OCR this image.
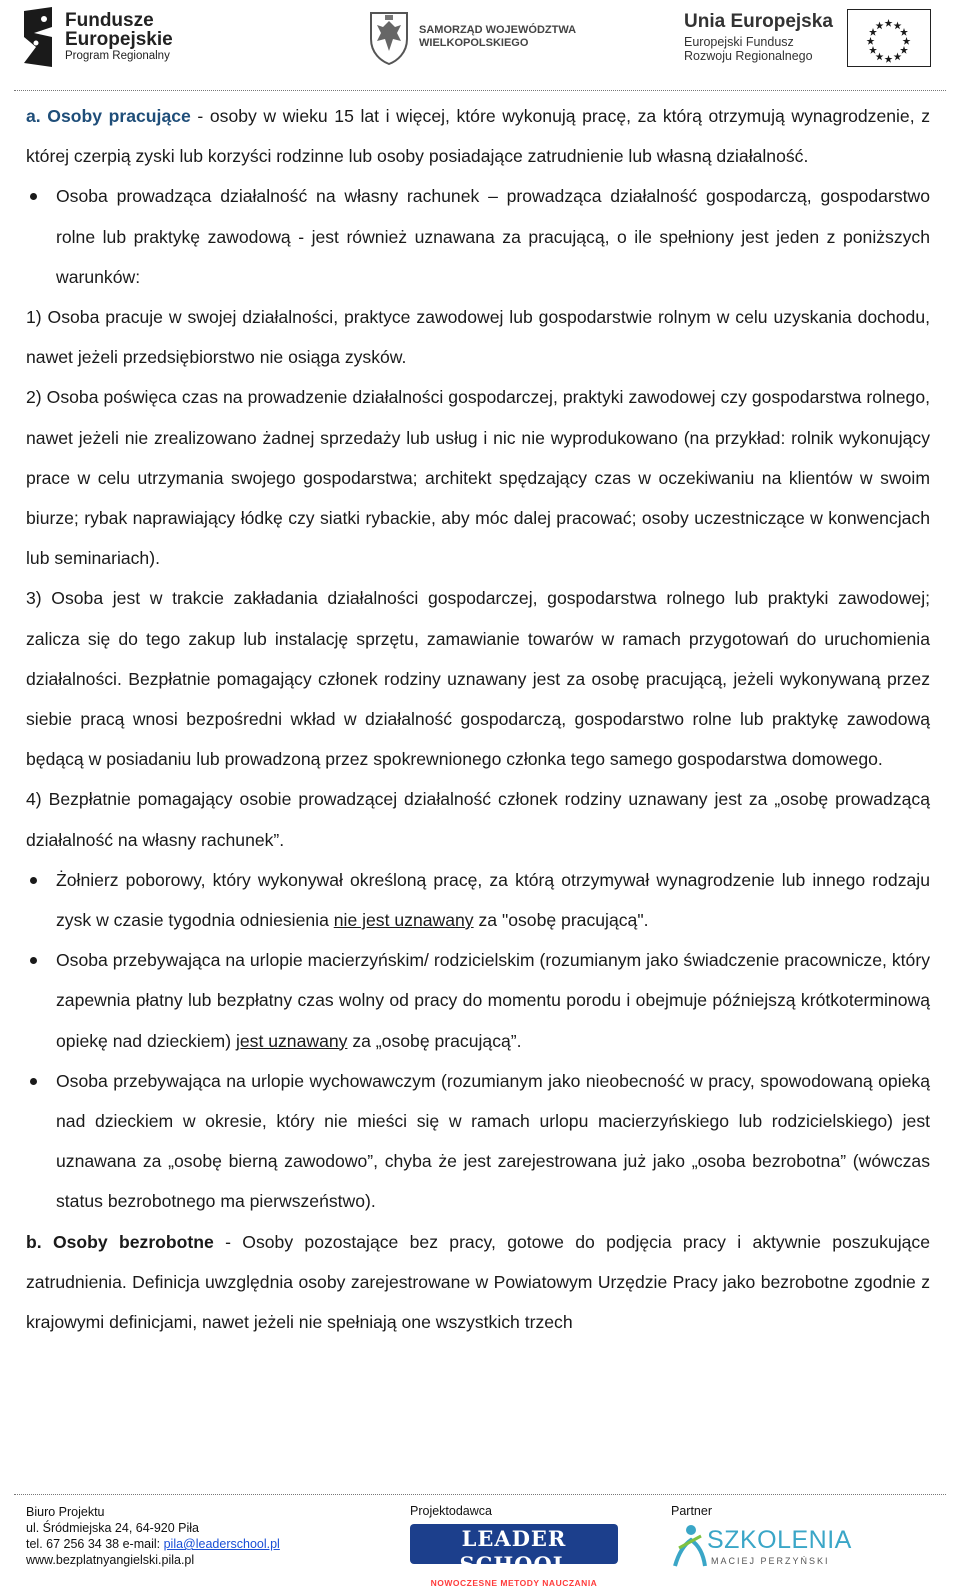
Fundusze
Europejskie
Program Regionalny
SAMORZĄD WOJEWÓDZTWA
WIELKOPOLSKIEGO
Unia Europejska
Europejski Fundusz
Rozwoju Regionalnego

a. Osoby pracujące - osoby w wieku 15 lat i więcej, które wykonują pracę, za którą otrzymują wynagrodzenie, z której czerpią zyski lub korzyści rodzinne lub osoby posiadające zatrudnienie lub własną działalność.

Osoba prowadząca działalność na własny rachunek – prowadząca działalność gospodarczą, gospodarstwo rolne lub praktykę zawodową - jest również uznawana za pracującą, o ile spełniony jest jeden z poniższych warunków:

1) Osoba pracuje w swojej działalności, praktyce zawodowej lub gospodarstwie rolnym w celu uzyskania dochodu, nawet jeżeli przedsiębiorstwo nie osiąga zysków.

2) Osoba poświęca czas na prowadzenie działalności gospodarczej, praktyki zawodowej czy gospodarstwa rolnego, nawet jeżeli nie zrealizowano żadnej sprzedaży lub usług i nic nie wyprodukowano (na przykład: rolnik wykonujący prace w celu utrzymania swojego gospodarstwa; architekt spędzający czas w oczekiwaniu na klientów w swoim biurze; rybak naprawiający łódkę czy siatki rybackie, aby móc dalej pracować; osoby uczestniczące w konwencjach lub seminariach).

3) Osoba jest w trakcie zakładania działalności gospodarczej, gospodarstwa rolnego lub praktyki zawodowej; zalicza się do tego zakup lub instalację sprzętu, zamawianie towarów w ramach przygotowań do uruchomienia działalności. Bezpłatnie pomagający członek rodziny uznawany jest za osobę pracującą, jeżeli wykonywaną przez siebie pracą wnosi bezpośredni wkład w działalność gospodarczą, gospodarstwo rolne lub praktykę zawodową będącą w posiadaniu lub prowadzoną przez spokrewnionego członka tego samego gospodarstwa domowego.

4) Bezpłatnie pomagający osobie prowadzącej działalność członek rodziny uznawany jest za „osobę prowadzącą działalność na własny rachunek”.

Żołnierz poborowy, który wykonywał określoną pracę, za którą otrzymywał wynagrodzenie lub innego rodzaju zysk w czasie tygodnia odniesienia nie jest uznawany za "osobę pracującą".

Osoba przebywająca na urlopie macierzyńskim/ rodzicielskim (rozumianym jako świadczenie pracownicze, który zapewnia płatny lub bezpłatny czas wolny od pracy do momentu porodu i obejmuje późniejszą krótkoterminową opiekę nad dzieckiem) jest uznawany za „osobę pracującą”.

Osoba przebywająca na urlopie wychowawczym (rozumianym jako nieobecność w pracy, spowodowaną opieką nad dzieckiem w okresie, który nie mieści się w ramach urlopu macierzyńskiego lub rodzicielskiego) jest uznawana za „osobę bierną zawodowo”, chyba że jest zarejestrowana już jako „osoba bezrobotna” (wówczas status bezrobotnego ma pierwszeństwo).

b. Osoby bezrobotne - Osoby pozostające bez pracy, gotowe do podjęcia pracy i aktywnie poszukujące zatrudnienia. Definicja uwzględnia osoby zarejestrowane w Powiatowym Urzędzie Pracy jako bezrobotne zgodnie z krajowymi definicjami, nawet jeżeli nie spełniają one wszystkich trzech

Biuro Projektu
ul. Śródmiejska 24, 64-920 Piła
tel. 67 256 34 38 e-mail: pila@leaderschool.pl
www.bezplatnyangielski.pila.pl
Projektodawca
LEADER SCHOOL
NOWOCZESNE METODY NAUCZANIA
Partner
SZKOLENIA
MACIEJ PERZYŃSKI
